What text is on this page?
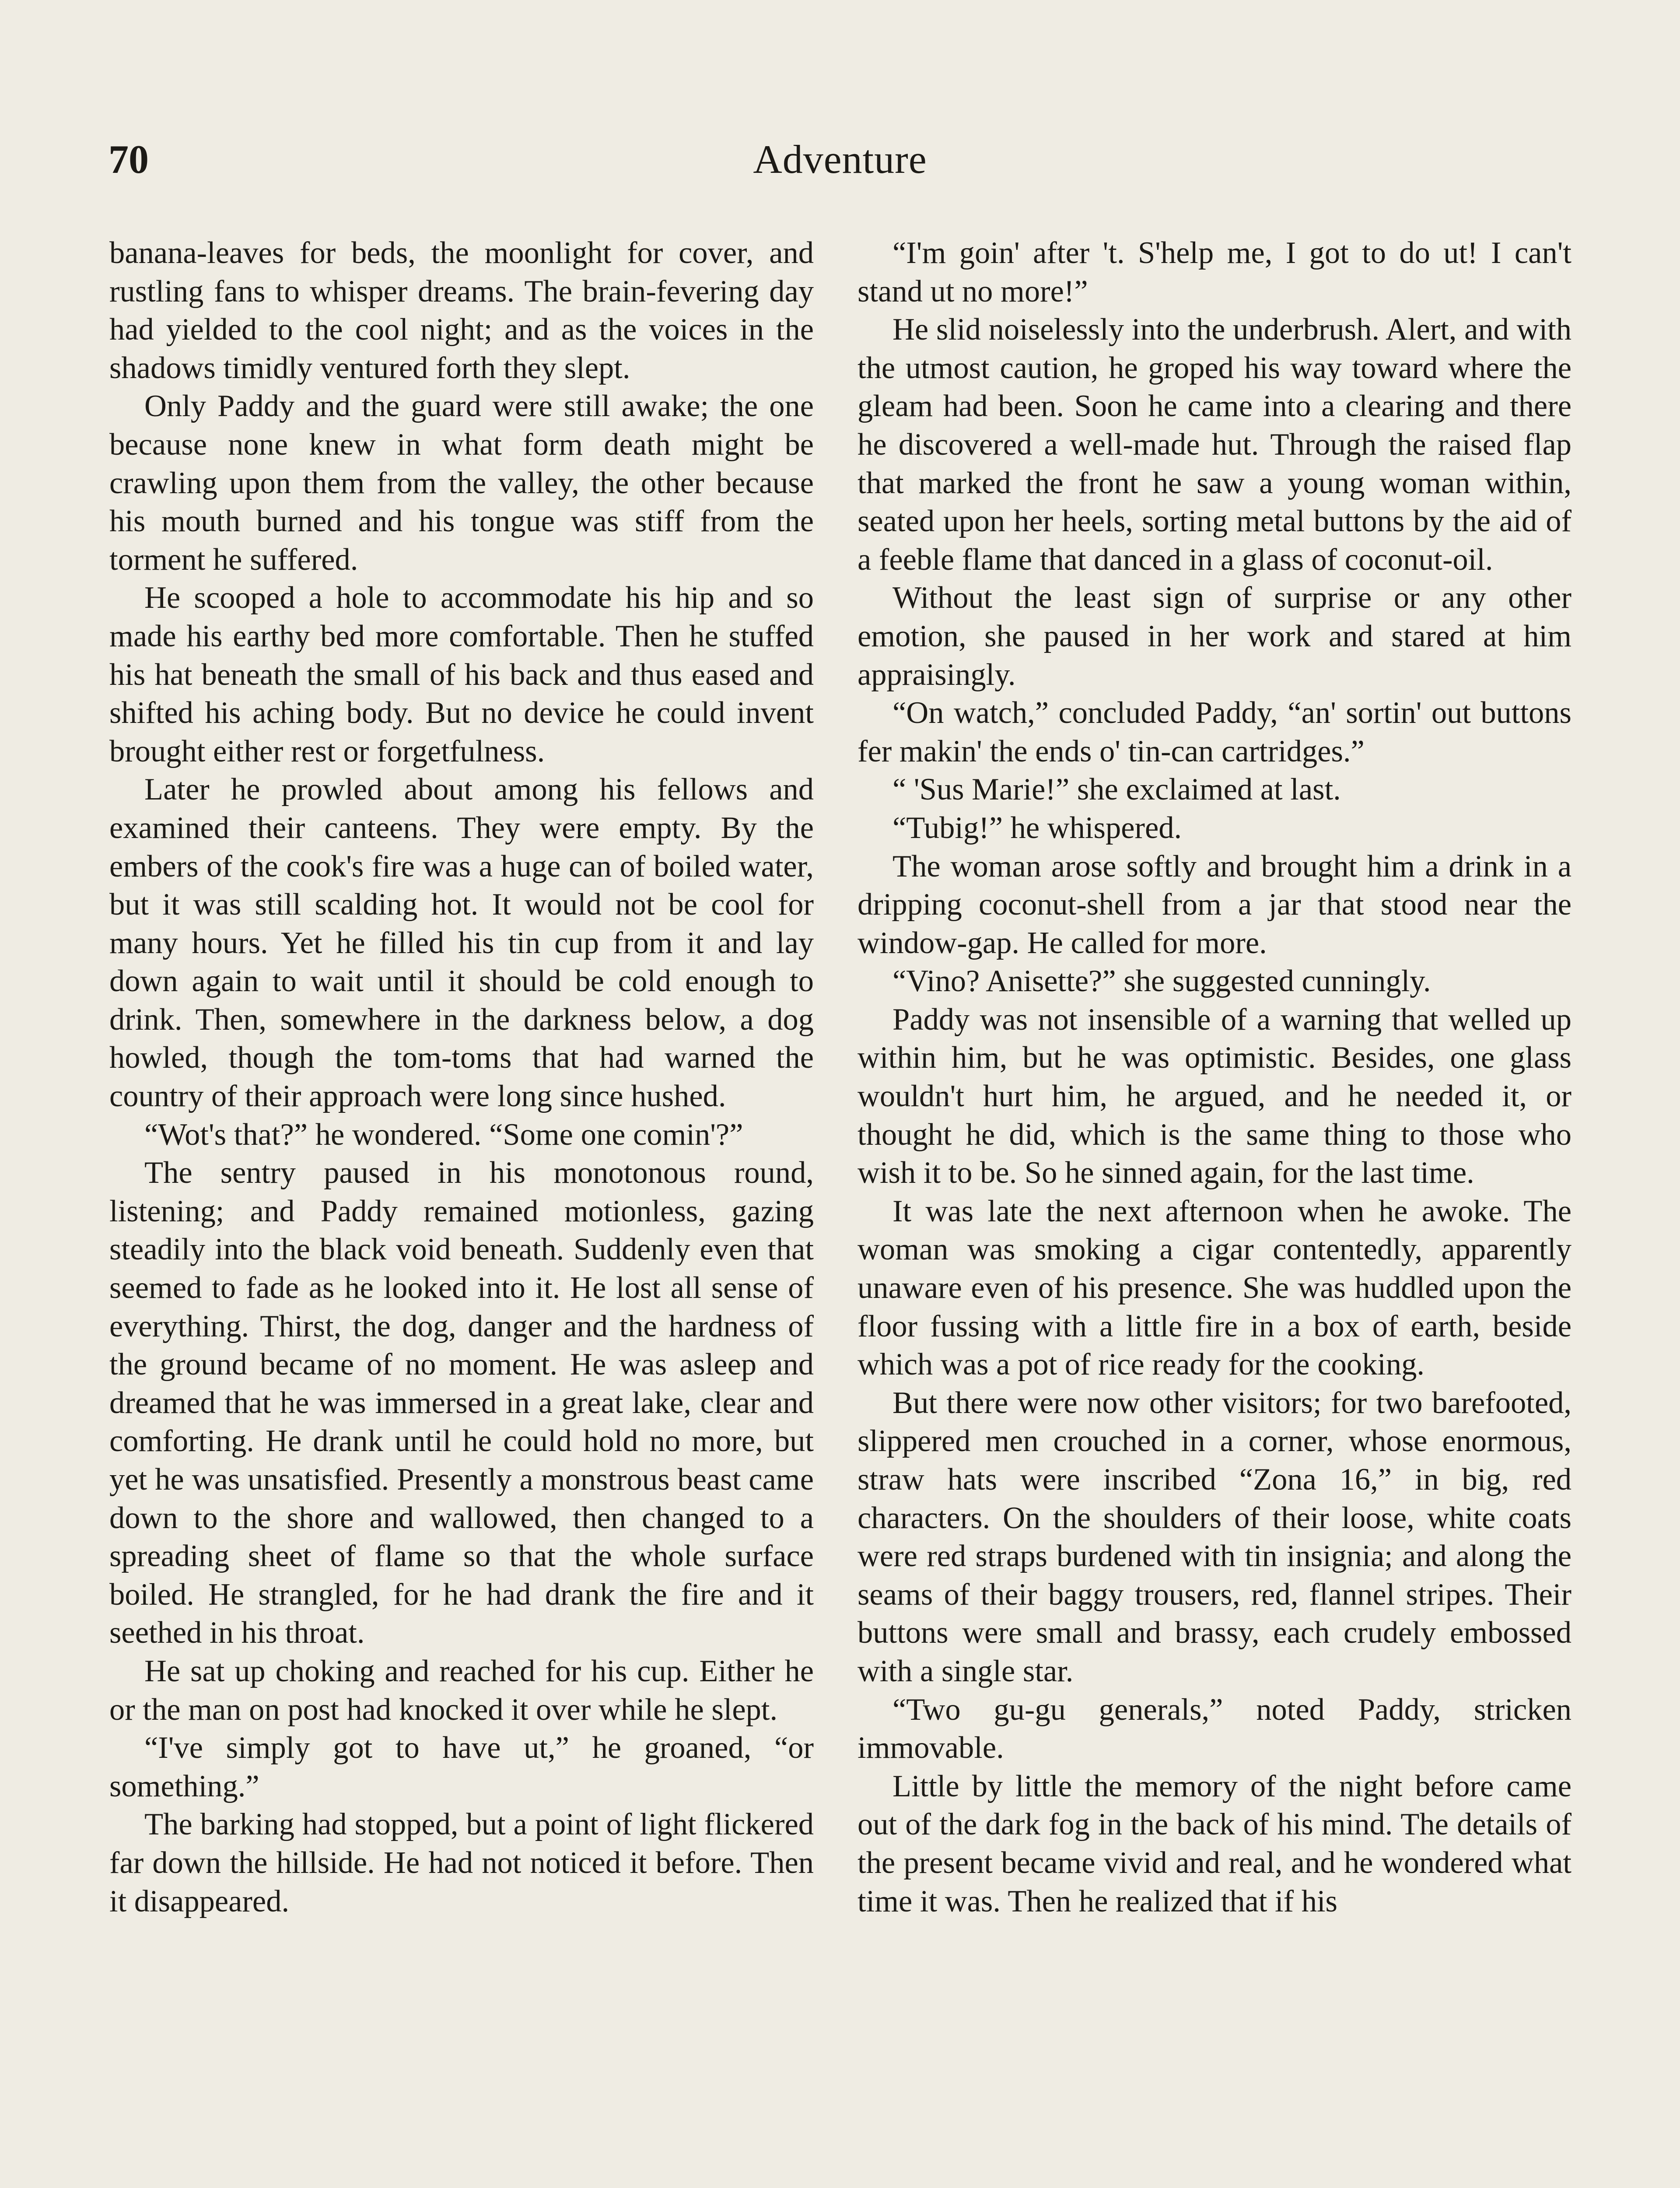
70	Adventure

banana-leaves for beds, the moonlight for cover, and rustling fans to whisper dreams. The brain-fevering day had yielded to the cool night; and as the voices in the shadows timidly ventured forth they slept.

Only Paddy and the guard were still awake; the one because none knew in what form death might be crawling upon them from the valley, the other because his mouth burned and his tongue was stiff from the torment he suffered.

He scooped a hole to accommodate his hip and so made his earthy bed more comfortable. Then he stuffed his hat beneath the small of his back and thus eased and shifted his aching body. But no device he could invent brought either rest or forgetfulness.

Later he prowled about among his fellows and examined their canteens. They were empty. By the embers of the cook's fire was a huge can of boiled water, but it was still scalding hot. It would not be cool for many hours. Yet he filled his tin cup from it and lay down again to wait until it should be cold enough to drink. Then, somewhere in the darkness below, a dog howled, though the tom-toms that had warned the country of their approach were long since hushed.

“Wot's that?” he wondered. “Some one comin'?”

The sentry paused in his monotonous round, listening; and Paddy remained motionless, gazing steadily into the black void beneath. Suddenly even that seemed to fade as he looked into it. He lost all sense of everything. Thirst, the dog, danger and the hardness of the ground became of no moment. He was asleep and dreamed that he was immersed in a great lake, clear and comforting. He drank until he could hold no more, but yet he was unsatisfied. Presently a monstrous beast came down to the shore and wallowed, then changed to a spreading sheet of flame so that the whole surface boiled. He strangled, for he had drank the fire and it seethed in his throat.

He sat up choking and reached for his cup. Either he or the man on post had knocked it over while he slept.

“I've simply got to have ut,” he groaned, “or something.”

The barking had stopped, but a point of light flickered far down the hillside. He had not noticed it before. Then it disappeared.

“I'm goin' after 't. S'help me, I got to do ut! I can't stand ut no more!”

He slid noiselessly into the underbrush. Alert, and with the utmost caution, he groped his way toward where the gleam had been. Soon he came into a clearing and there he discovered a well-made hut. Through the raised flap that marked the front he saw a young woman within, seated upon her heels, sorting metal buttons by the aid of a feeble flame that danced in a glass of coconut-oil.

Without the least sign of surprise or any other emotion, she paused in her work and stared at him appraisingly.

“On watch,” concluded Paddy, “an' sortin' out buttons fer makin' the ends o' tin-can cartridges.”

“ 'Sus Marie!” she exclaimed at last.

“Tubig!” he whispered.

The woman arose softly and brought him a drink in a dripping coconut-shell from a jar that stood near the window-gap. He called for more.

“Vino? Anisette?” she suggested cunningly.

Paddy was not insensible of a warning that welled up within him, but he was optimistic. Besides, one glass wouldn't hurt him, he argued, and he needed it, or thought he did, which is the same thing to those who wish it to be. So he sinned again, for the last time.

It was late the next afternoon when he awoke. The woman was smoking a cigar contentedly, apparently unaware even of his presence. She was huddled upon the floor fussing with a little fire in a box of earth, beside which was a pot of rice ready for the cooking.

But there were now other visitors; for two barefooted, slippered men crouched in a corner, whose enormous, straw hats were inscribed “Zona 16,” in big, red characters. On the shoulders of their loose, white coats were red straps burdened with tin insignia; and along the seams of their baggy trousers, red, flannel stripes. Their buttons were small and brassy, each crudely embossed with a single star.

“Two gu-gu generals,” noted Paddy, stricken immovable.

Little by little the memory of the night before came out of the dark fog in the back of his mind. The details of the present became vivid and real, and he wondered what time it was. Then he realized that if his
